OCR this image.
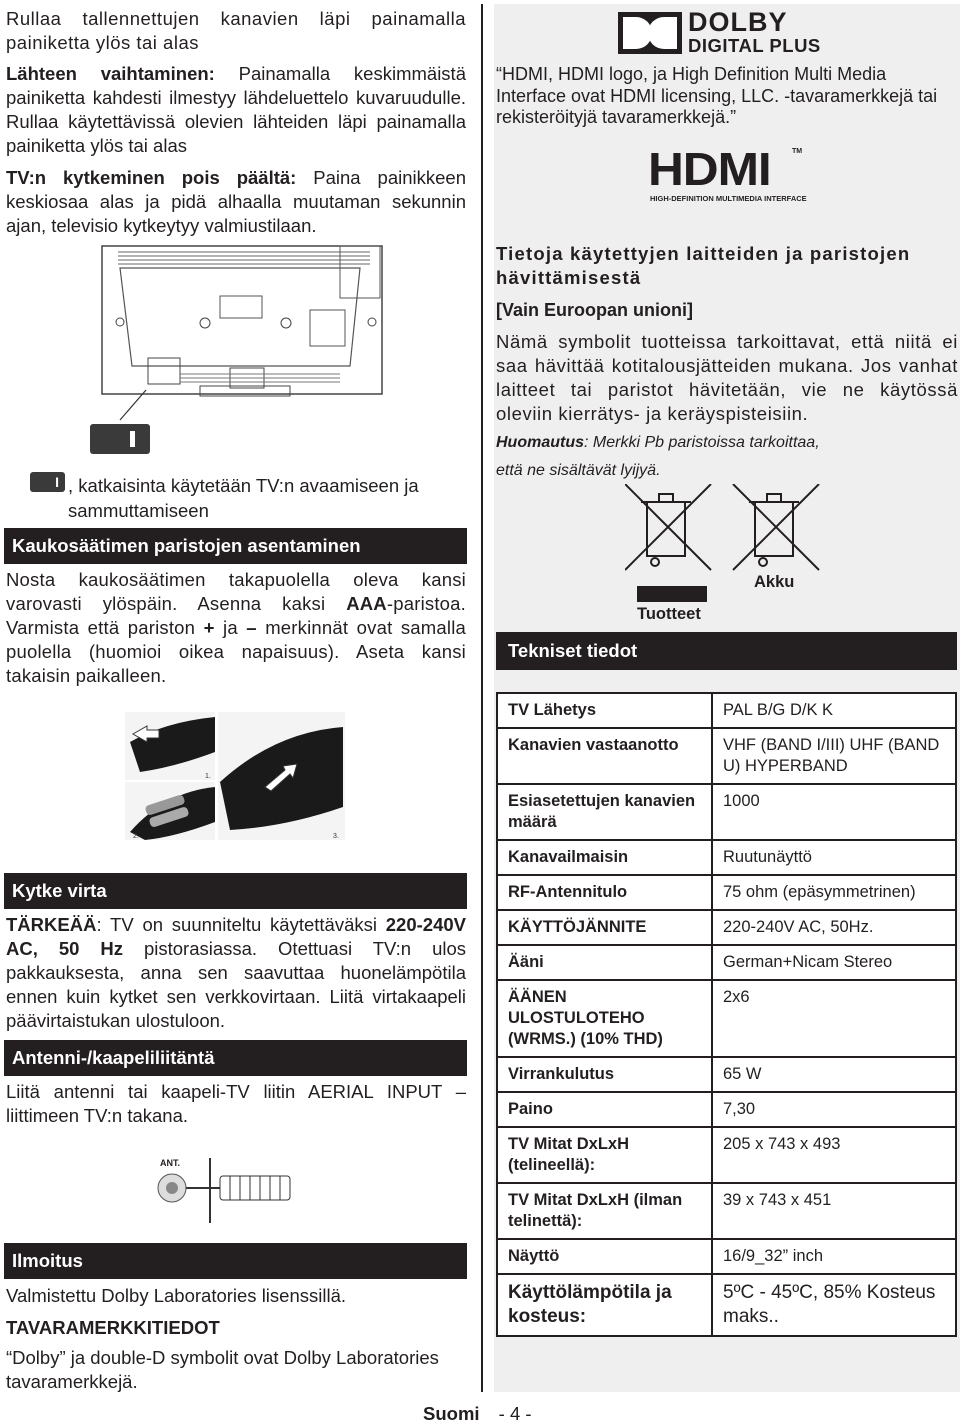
Rullaa tallennettujen kanavien läpi painamalla painiketta ylös tai alas

Lähteen vaihtaminen: Painamalla keskimmäistä painiketta kahdesti ilmestyy lähdeluettelo kuvaruudulle. Rullaa käytettävissä olevien lähteiden läpi painamalla painiketta ylös tai alas

TV:n kytkeminen pois päältä: Paina painikkeen keskiosaa alas ja pidä alhaalla muutaman sekunnin ajan, televisio kytkeytyy valmiustilaan.

I , katkaisinta käytetään TV:n avaamiseen ja sammuttamiseen

Kaukosäätimen paristojen asentaminen

Nosta kaukosäätimen takapuolella oleva kansi varovasti ylöspäin. Asenna kaksi AAA-paristoa. Varmista että pariston + ja – merkinnät ovat samalla puolella (huomioi oikea napaisuus). Aseta kansi takaisin paikalleen.

1.
2.	3.
Kytke virta

TÄRKEÄÄ: TV on suunniteltu käytettäväksi 220-240V AC, 50 Hz pistorasiassa. Otettuasi TV:n ulos pakkauksesta, anna sen saavuttaa huonelämpötila ennen kuin kytket sen verkkovirtaan. Liitä virtakaapeli päävirtaistukan ulostuloon.

Antenni-/kaapeliliitäntä

Liitä antenni tai kaapeli-TV liitin AERIAL INPUT –liittimeen TV:n takana.

ANT.
Ilmoitus

Valmistettu Dolby Laboratories lisenssillä.

TAVARAMERKKITIEDOT

“Dolby” ja double-D symbolit ovat Dolby Laboratories tavaramerkkejä.

DOLBY
DIGITAL PLUS

“HDMI, HDMI logo, ja High Definition Multi Media Interface ovat HDMI licensing, LLC. -tavaramerkkejä tai rekisteröityjä tavaramerkkejä.”

HDMI	TM
HIGH-DEFINITION MULTIMEDIA INTERFACE

Tietoja käytettyjen laitteiden ja paristojen hävittämisestä

[Vain Euroopan unioni]

Nämä symbolit tuotteissa tarkoittavat, että niitä ei saa hävittää kotitalousjätteiden mukana. Jos vanhat laitteet tai paristot hävitetään, vie ne käytössä oleviin kierrätys- ja keräyspisteisiin.

Huomautus: Merkki Pb paristoissa tarkoittaa,

että ne sisältävät lyijyä.

Tuotteet
Akku
Tekniset tiedot
TV Lähetys	PAL B/G D/K K
Kanavien vastaanotto	VHF (BAND I/III) UHF (BAND U) HYPERBAND
Esiasetettujen kanavien määrä	1000
Kanavailmaisin	Ruutunäyttö
RF-Antennitulo	75 ohm (epäsymmetrinen)
KÄYTTÖJÄNNITE	220-240V AC, 50Hz.
Ääni	German+Nicam Stereo
ÄÄNEN ULOSTULOTEHO (WRMS.) (10% THD)	2x6
Virrankulutus	65 W
Paino	7,30
TV Mitat DxLxH (telineellä):	205 x 743 x 493
TV Mitat DxLxH (ilman telinettä):	39 x 743 x 451
Näyttö	16/9_32” inch
Käyttölämpötila ja kosteus:	5ºC - 45ºC, 85% Kosteus maks..
Suomi - 4 -
